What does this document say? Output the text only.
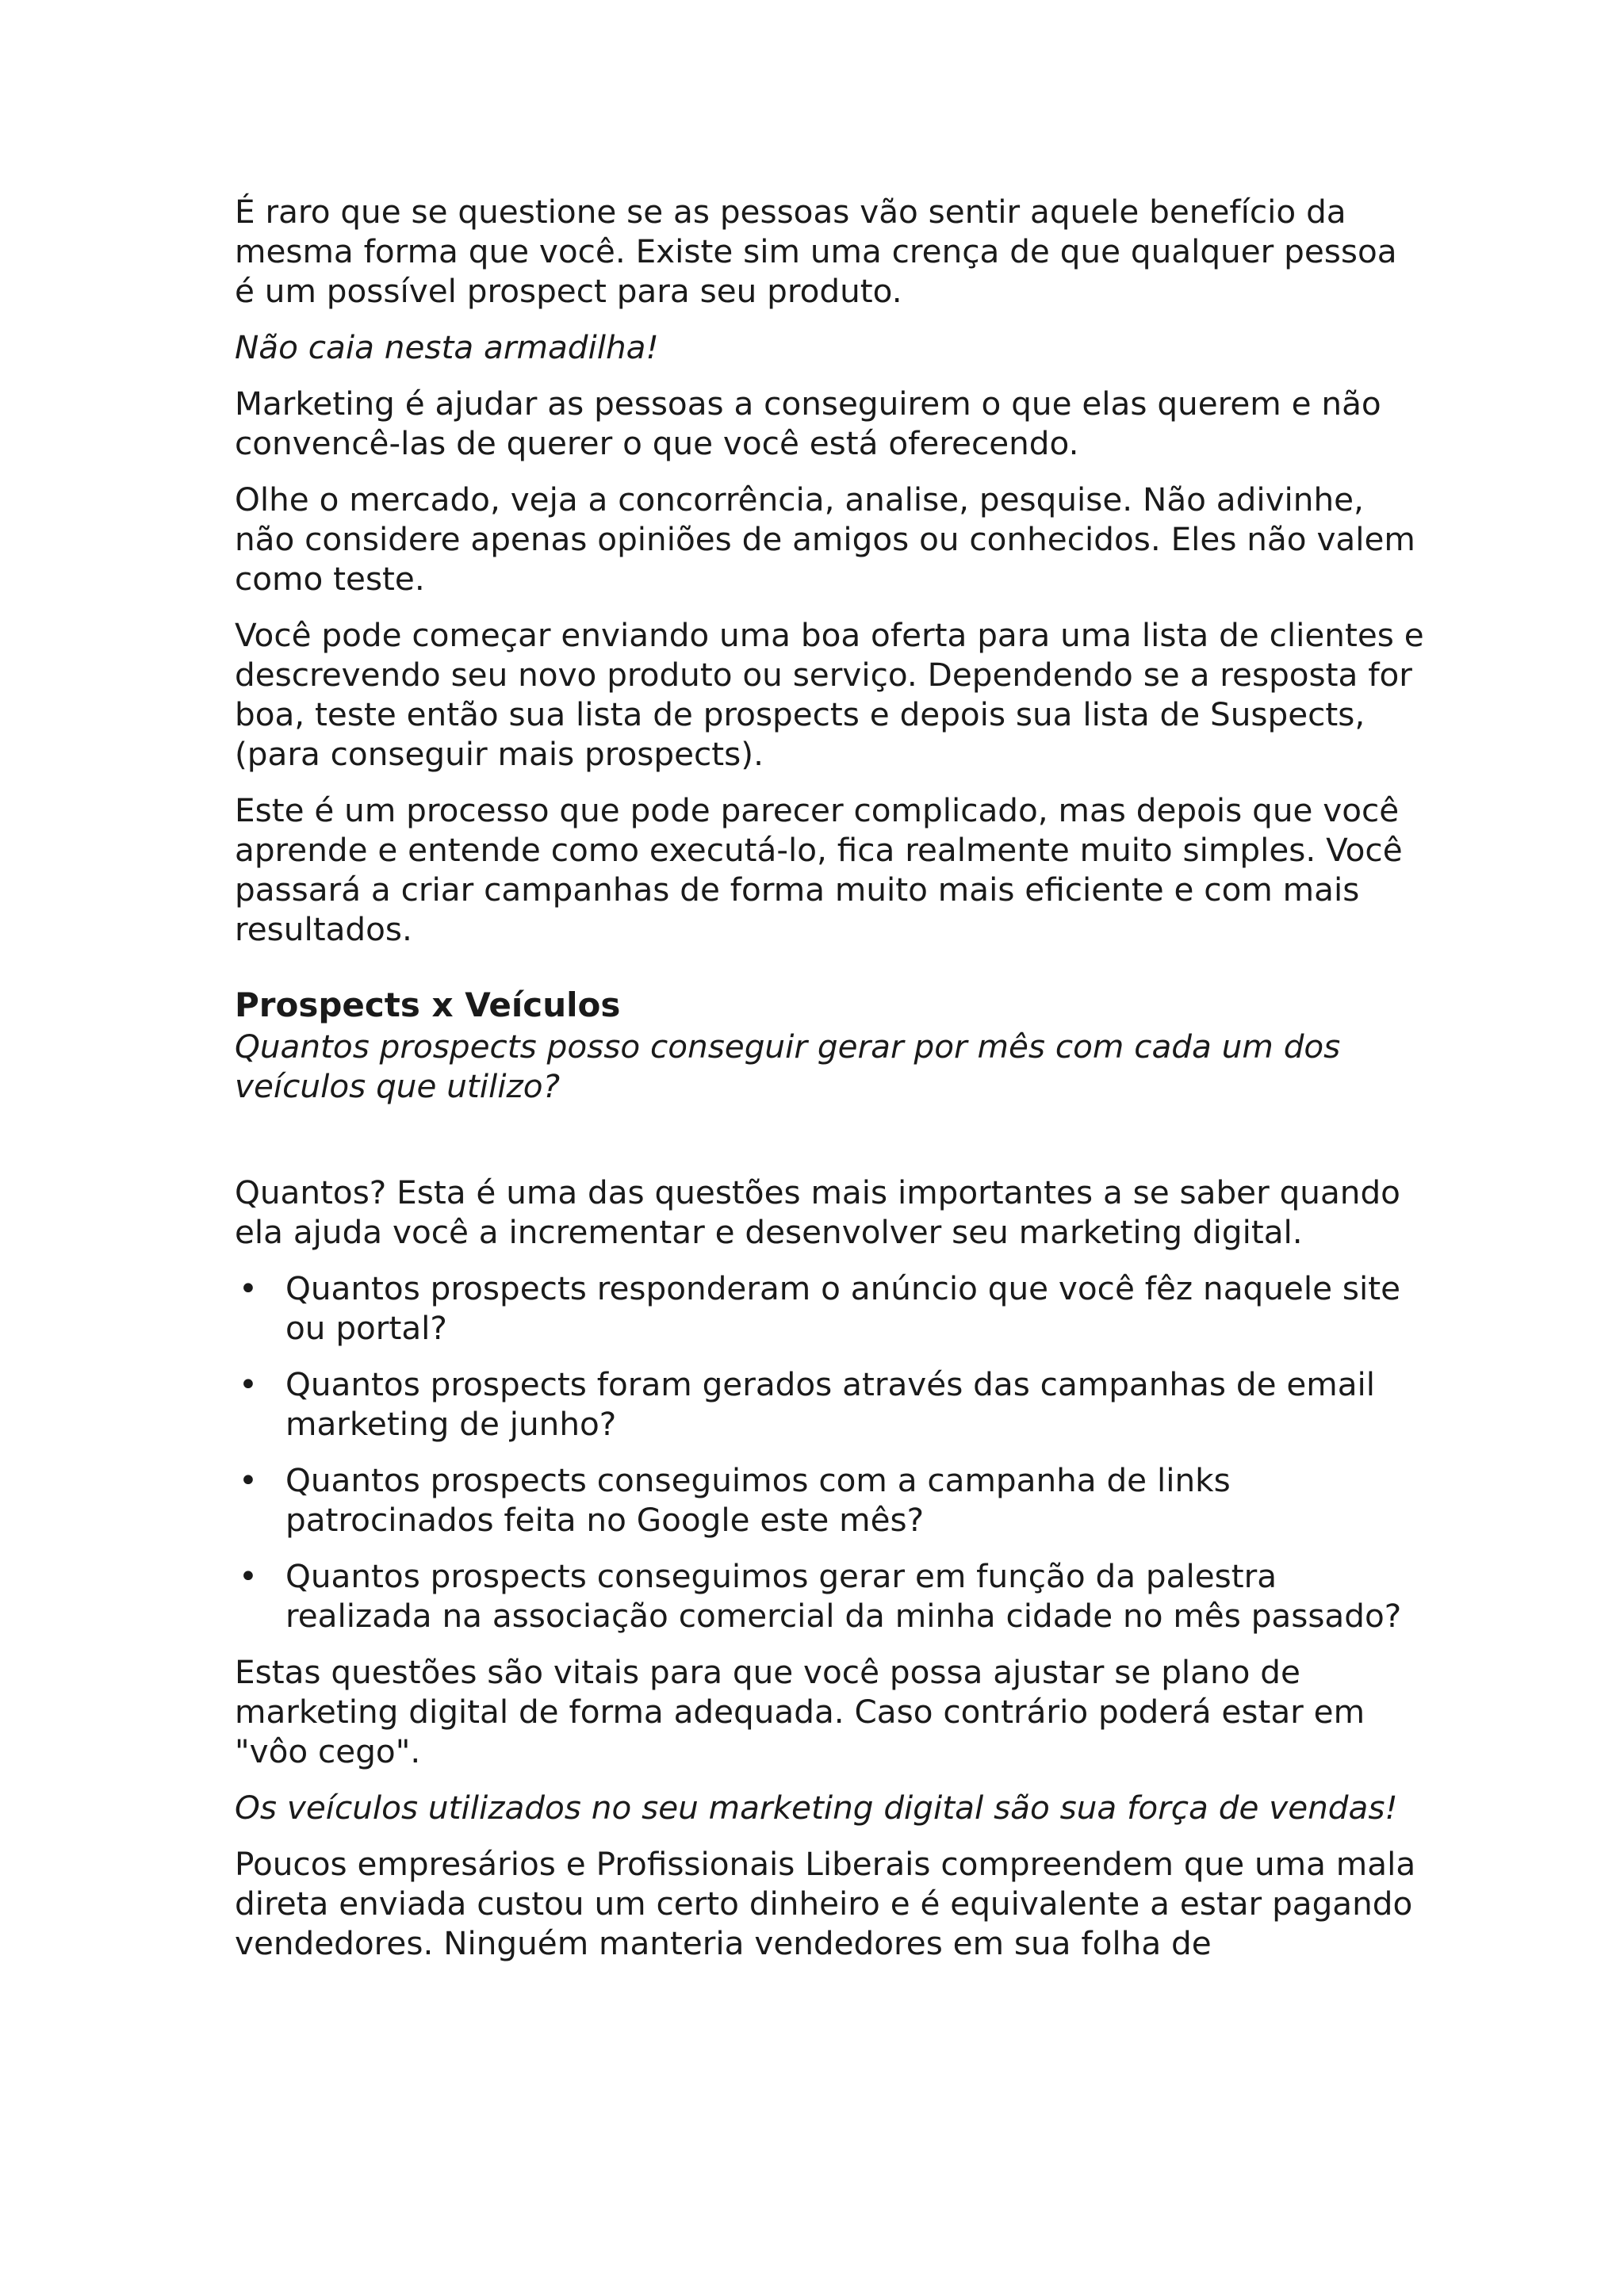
É raro que se questione se as pessoas vão sentir aquele benefício da mesma forma que você. Existe sim uma crença de que qualquer pessoa é um possível prospect para seu produto.

Não caia nesta armadilha!

Marketing é ajudar as pessoas a conseguirem o que elas querem e não convencê-las de querer o que você está oferecendo.

Olhe o mercado, veja a concorrência, analise, pesquise. Não adivinhe, não considere apenas opiniões de amigos ou conhecidos. Eles não valem como teste.

Você pode começar enviando uma boa oferta para uma lista de clientes e descrevendo seu novo produto ou serviço. Dependendo se a resposta for boa, teste então sua lista de prospects e depois sua lista de Suspects, (para conseguir mais prospects).

Este é um processo que pode parecer complicado, mas depois que você aprende e entende como executá-lo, fica realmente muito simples. Você passará a criar campanhas de forma muito mais eficiente e com mais resultados.

Prospects x Veículos

Quantos prospects posso conseguir gerar por mês com cada um dos veículos que utilizo?

Quantos? Esta é uma das questões mais importantes a se saber quando ela ajuda você a incrementar e desenvolver seu marketing digital.

• Quantos prospects responderam o anúncio que você fêz naquele site ou portal?
• Quantos prospects foram gerados através das campanhas de email marketing de junho?
• Quantos prospects conseguimos com a campanha de links patrocinados feita no Google este mês?
• Quantos prospects conseguimos gerar em função da palestra realizada na associação comercial da minha cidade no mês passado?

Estas questões são vitais para que você possa ajustar se plano de marketing digital de forma adequada. Caso contrário poderá estar em "vôo cego".

Os veículos utilizados no seu marketing digital são sua força de vendas!

Poucos empresários e Profissionais Liberais compreendem que uma mala direta enviada custou um certo dinheiro e é equivalente a estar pagando vendedores. Ninguém manteria vendedores em sua folha de
